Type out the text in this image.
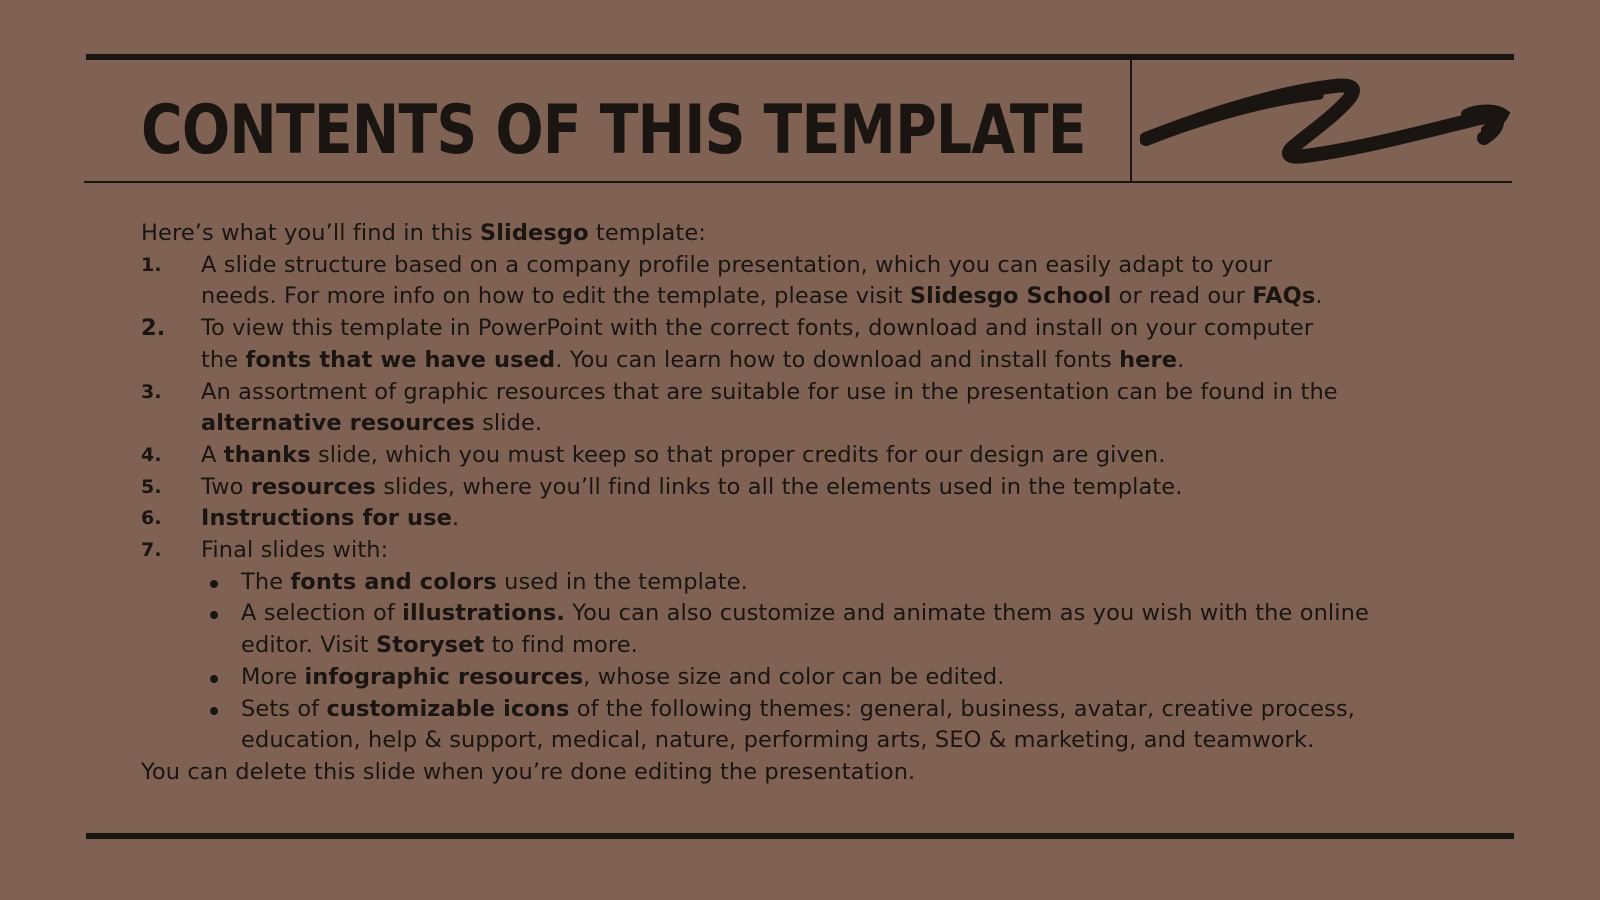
CONTENTS OF THIS TEMPLATE

Here’s what you’ll find in this Slidesgo template:

1. A slide structure based on a company profile presentation, which you can easily adapt to your
needs. For more info on how to edit the template, please visit Slidesgo School or read our FAQs.
2. To view this template in PowerPoint with the correct fonts, download and install on your computer
the fonts that we have used. You can learn how to download and install fonts here.
3. An assortment of graphic resources that are suitable for use in the presentation can be found in the
alternative resources slide.
4. A thanks slide, which you must keep so that proper credits for our design are given.
5. Two resources slides, where you’ll find links to all the elements used in the template.
6. Instructions for use.
7. Final slides with:
The fonts and colors used in the template.
A selection of illustrations. You can also customize and animate them as you wish with the online
editor. Visit Storyset to find more.
More infographic resources, whose size and color can be edited.
Sets of customizable icons of the following themes: general, business, avatar, creative process,
education, help & support, medical, nature, performing arts, SEO & marketing, and teamwork.

You can delete this slide when you’re done editing the presentation.
